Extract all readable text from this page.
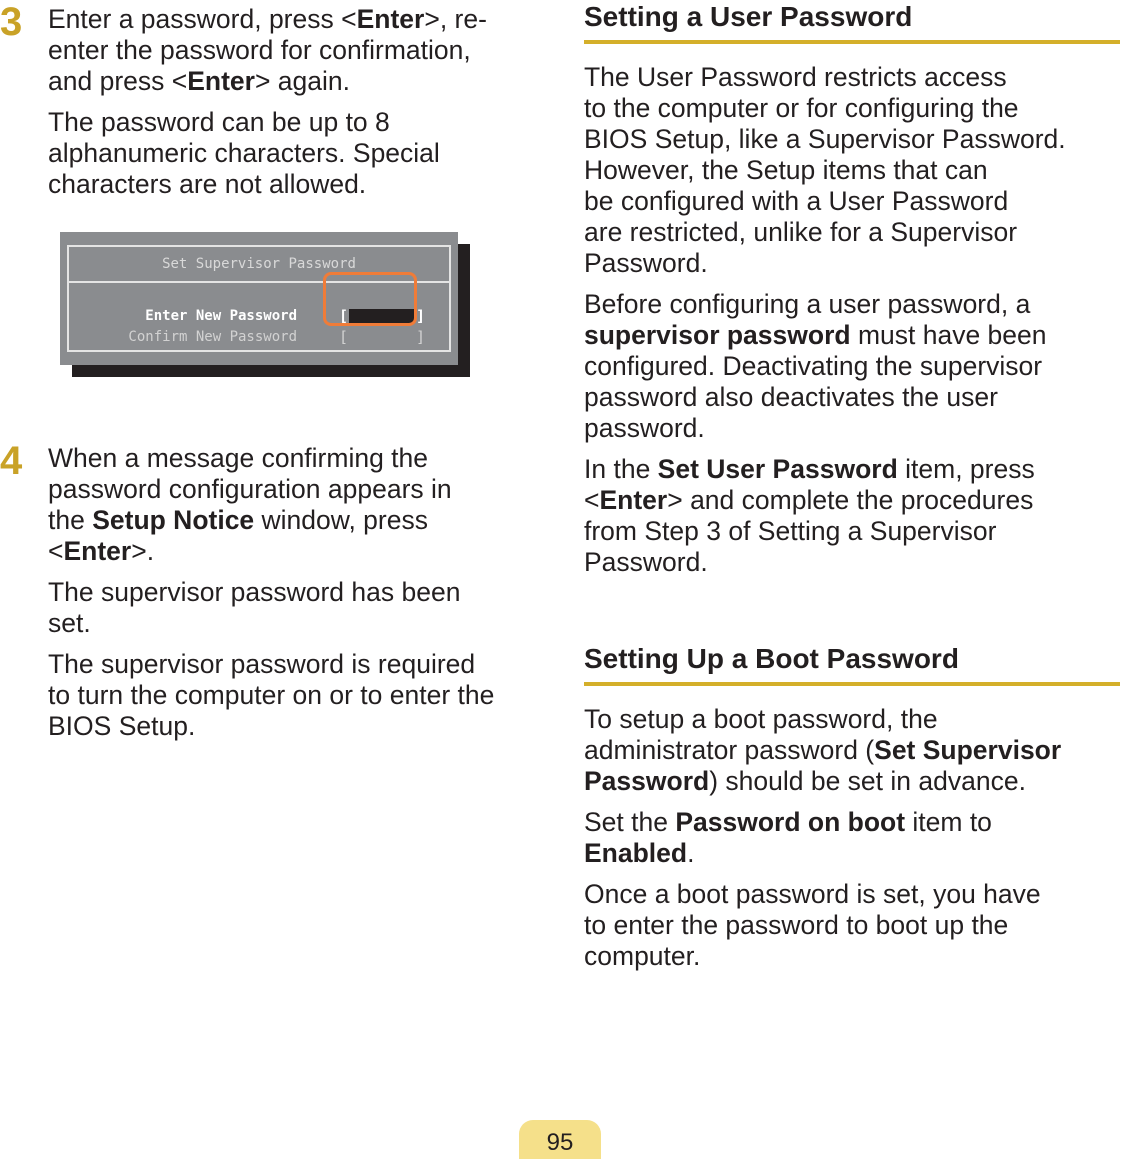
3 Enter a password, press <Enter>, re-
enter the password for confirmation,
and press <Enter> again.

The password can be up to 8
alphanumeric characters. Special
characters are not allowed.

Set Supervisor Password
Enter New Password
Confirm New Password
[	]
[	]
4 When a message confirming the
password configuration appears in
the Setup Notice window, press
<Enter>.

The supervisor password has been
set.

The supervisor password is required
to turn the computer on or to enter the
BIOS Setup.

Setting a User Password

The User Password restricts access
to the computer or for configuring the
BIOS Setup, like a Supervisor Password.
However, the Setup items that can
be configured with a User Password
are restricted, unlike for a Supervisor
Password.

Before configuring a user password, a
supervisor password must have been
configured. Deactivating the supervisor
password also deactivates the user
password.

In the Set User Password item, press
<Enter> and complete the procedures
from Step 3 of Setting a Supervisor
Password.

Setting Up a Boot Password

To setup a boot password, the
administrator password (Set Supervisor
Password) should be set in advance.

Set the Password on boot item to
Enabled.

Once a boot password is set, you have
to enter the password to boot up the
computer.

95
